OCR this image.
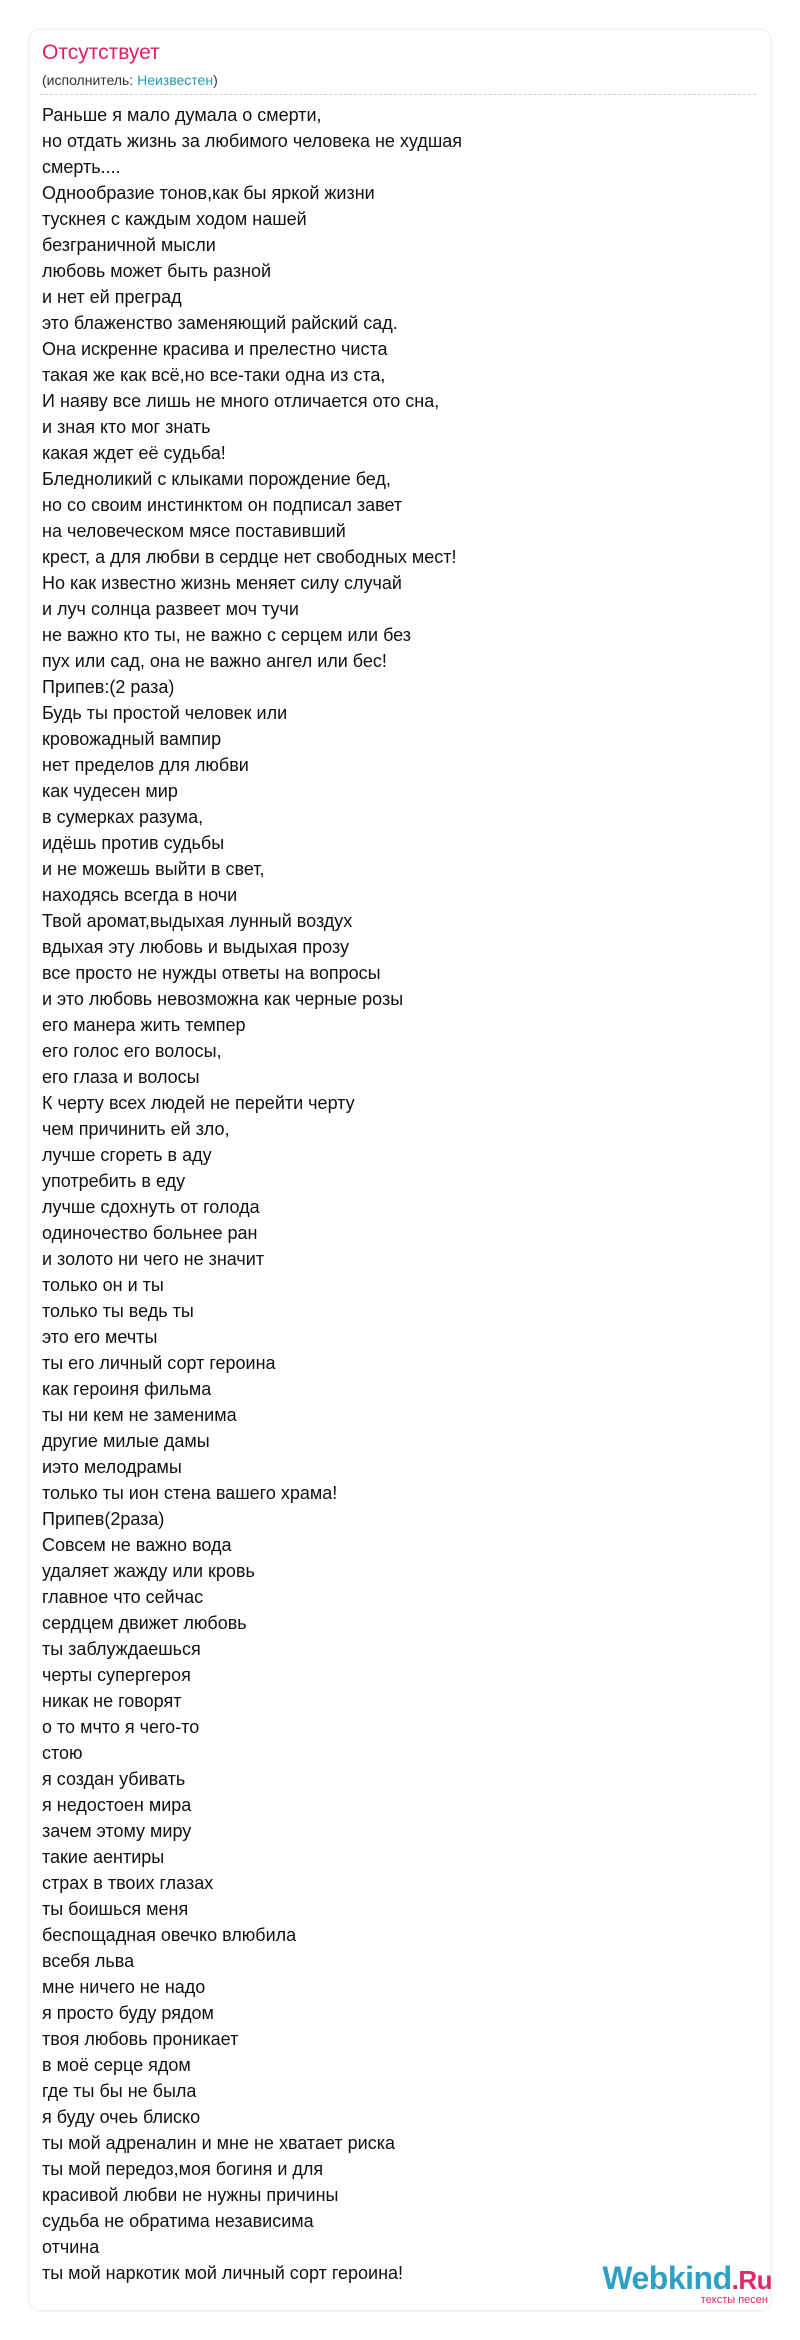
Отсутствует
(исполнитель: Неизвестен)
Раньше я мало думала о смерти,
но отдать жизнь за любимого человека не худшая
смерть....
Однообразие тонов,как бы яркой жизни
тускнея с каждым ходом нашей
безграничной мысли
любовь может быть разной
и нет ей преград
это блаженство заменяющий райский сад.
Она искренне красива и прелестно чиста
такая же как всё,но все-таки одна из ста,
И наяву все лишь не много отличается ото сна,
и зная кто мог знать
какая ждет её судьба!
Бледноликий с клыками порождение бед,
но со своим инстинктом он подписал завет
на человеческом мясе поставивший
крест, а для любви в сердце нет свободных мест!
Но как известно жизнь меняет силу случай
и луч солнца развеет моч тучи
не важно кто ты, не важно с серцем или без
пух или сад, она не важно ангел или бес!
Припев:(2 раза)
Будь ты простой человек или
кровожадный вампир
нет пределов для любви
как чудесен мир
в сумерках разума,
идёшь против судьбы
и не можешь выйти в свет,
находясь всегда в ночи
Твой аромат,выдыхая лунный воздух
вдыхая эту любовь и выдыхая прозу
все просто не нужды ответы на вопросы
и это любовь невозможна как черные розы
его манера жить темпер
его голос его волосы,
его глаза и волосы
К черту всех людей не перейти черту
чем причинить ей зло,
лучше сгореть в аду
употребить в еду
лучше сдохнуть от голода
одиночество больнее ран
и золото ни чего не значит
только он и ты
только ты ведь ты
это его мечты
ты его личный сорт героина
как героиня фильма
ты ни кем не заменима
другие милые дамы
иэто мелодрамы
только ты ион стена вашего храма!
Припев(2раза)
Совсем не важно вода
удаляет жажду или кровь
главное что сейчас
сердцем движет любовь
ты заблуждаешься
черты супергероя
никак не говорят
о то мчто я чего-то
стою
я создан убивать
я недостоен мира
зачем этому миру
такие аентиры
страх в твоих глазах
ты боишься меня
беспощадная овечко влюбила
всебя льва
мне ничего не надо
я просто буду рядом
твоя любовь проникает
в моё серце ядом
где ты бы не была
я буду очеь блиско
ты мой адреналин и мне не хватает риска
ты мой передоз,моя богиня и для
красивой любви не нужны причины
судьба не обратима независима
отчина
ты мой наркотик мой личный сорт героина!	Webkind.Ru
тексты песен
